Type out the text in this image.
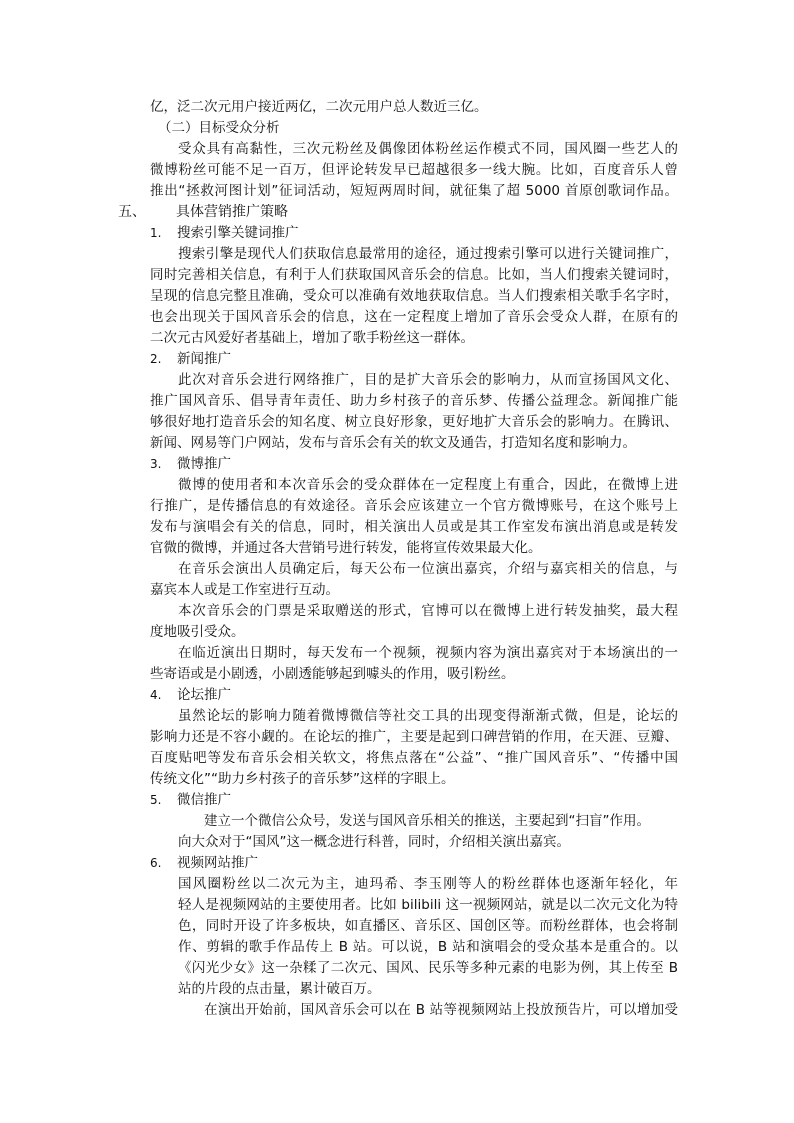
亿，泛二次元用户接近两亿，二次元用户总人数近三亿。
（二）目标受众分析
受众具有高黏性，三次元粉丝及偶像团体粉丝运作模式不同，国风圈一些艺人的
微博粉丝可能不足一百万，但评论转发早已超越很多一线大腕。比如，百度音乐人曾
推出“拯救河图计划”征词活动，短短两周时间，就征集了超 5000 首原创歌词作品。
五、 具体营销推广策略
1. 搜索引擎关键词推广
搜索引擎是现代人们获取信息最常用的途径，通过搜索引擎可以进行关键词推广，
同时完善相关信息，有利于人们获取国风音乐会的信息。比如，当人们搜索关键词时，
呈现的信息完整且准确，受众可以准确有效地获取信息。当人们搜索相关歌手名字时，
也会出现关于国风音乐会的信息，这在一定程度上增加了音乐会受众人群，在原有的
二次元古风爱好者基础上，增加了歌手粉丝这一群体。
2. 新闻推广
此次对音乐会进行网络推广，目的是扩大音乐会的影响力，从而宣扬国风文化、
推广国风音乐、倡导青年责任、助力乡村孩子的音乐梦、传播公益理念。新闻推广能
够很好地打造音乐会的知名度、树立良好形象，更好地扩大音乐会的影响力。在腾讯、
新闻、网易等门户网站，发布与音乐会有关的软文及通告，打造知名度和影响力。
3. 微博推广
微博的使用者和本次音乐会的受众群体在一定程度上有重合，因此，在微博上进
行推广，是传播信息的有效途径。音乐会应该建立一个官方微博账号，在这个账号上
发布与演唱会有关的信息，同时，相关演出人员或是其工作室发布演出消息或是转发
官微的微博，并通过各大营销号进行转发，能将宣传效果最大化。
在音乐会演出人员确定后，每天公布一位演出嘉宾，介绍与嘉宾相关的信息，与
嘉宾本人或是工作室进行互动。
本次音乐会的门票是采取赠送的形式，官博可以在微博上进行转发抽奖，最大程
度地吸引受众。
在临近演出日期时，每天发布一个视频，视频内容为演出嘉宾对于本场演出的一
些寄语或是小剧透，小剧透能够起到噱头的作用，吸引粉丝。
4. 论坛推广
虽然论坛的影响力随着微博微信等社交工具的出现变得渐渐式微，但是，论坛的
影响力还是不容小觑的。在论坛的推广，主要是起到口碑营销的作用，在天涯、豆瓣、
百度贴吧等发布音乐会相关软文，将焦点落在“公益”、“推广国风音乐”、“传播中国
传统文化”“助力乡村孩子的音乐梦”这样的字眼上。
5. 微信推广
建立一个微信公众号，发送与国风音乐相关的推送，主要起到“扫盲”作用。
向大众对于“国风”这一概念进行科普，同时，介绍相关演出嘉宾。
6. 视频网站推广
国风圈粉丝以二次元为主，迪玛希、李玉刚等人的粉丝群体也逐渐年轻化，年
轻人是视频网站的主要使用者。比如 bilibili 这一视频网站，就是以二次元文化为特
色，同时开设了许多板块，如直播区、音乐区、国创区等。而粉丝群体，也会将制
作、剪辑的歌手作品传上 B 站。可以说，B 站和演唱会的受众基本是重合的。以
《闪光少女》这一杂糅了二次元、国风、民乐等多种元素的电影为例，其上传至 B
站的片段的点击量，累计破百万。
在演出开始前，国风音乐会可以在 B 站等视频网站上投放预告片，可以增加受
